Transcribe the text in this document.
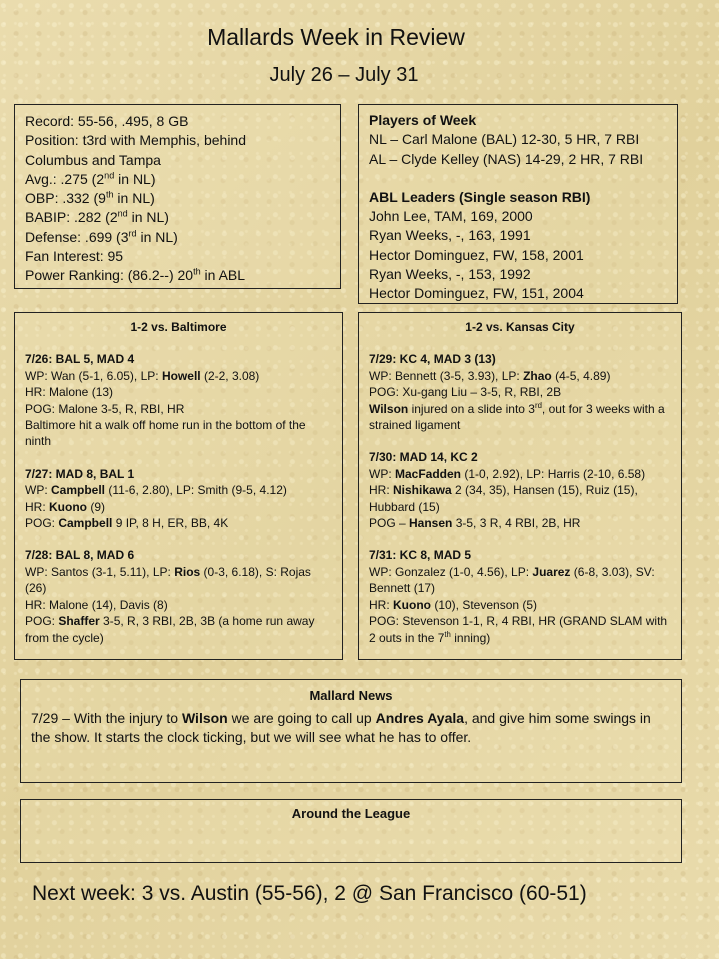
Mallards Week in Review
July 26 – July 31
Record: 55-56, .495, 8 GB
Position: t3rd with Memphis, behind
Columbus and Tampa
Avg.: .275 (2nd in NL)
OBP: .332 (9th in NL)
BABIP: .282 (2nd in NL)
Defense: .699 (3rd in NL)
Fan Interest: 95
Power Ranking: (86.2--) 20th in ABL
Players of Week
NL – Carl Malone (BAL) 12-30, 5 HR, 7 RBI
AL – Clyde Kelley (NAS) 14-29, 2 HR, 7 RBI
ABL Leaders (Single season RBI)
John Lee, TAM, 169, 2000
Ryan Weeks, -, 163, 1991
Hector Dominguez, FW, 158, 2001
Ryan Weeks, -, 153, 1992
Hector Dominguez, FW, 151, 2004
1-2 vs. Baltimore
7/26: BAL 5, MAD 4
WP: Wan (5-1, 6.05), LP: Howell (2-2, 3.08)
HR: Malone (13)
POG: Malone 3-5, R, RBI, HR
Baltimore hit a walk off home run in the bottom of the ninth
7/27: MAD 8, BAL 1
WP: Campbell (11-6, 2.80), LP: Smith (9-5, 4.12)
HR: Kuono (9)
POG: Campbell 9 IP, 8 H, ER, BB, 4K
7/28: BAL 8, MAD 6
WP: Santos (3-1, 5.11), LP: Rios (0-3, 6.18), S: Rojas (26)
HR: Malone (14), Davis (8)
POG: Shaffer 3-5, R, 3 RBI, 2B, 3B (a home run away from the cycle)
1-2 vs. Kansas City
7/29: KC 4, MAD 3 (13)
WP: Bennett (3-5, 3.93), LP: Zhao (4-5, 4.89)
POG: Xu-gang Liu – 3-5, R, RBI, 2B
Wilson injured on a slide into 3rd, out for 3 weeks with a strained ligament
7/30: MAD 14, KC 2
WP: MacFadden (1-0, 2.92), LP: Harris (2-10, 6.58)
HR: Nishikawa 2 (34, 35), Hansen (15), Ruiz (15), Hubbard (15)
POG – Hansen 3-5, 3 R, 4 RBI, 2B, HR
7/31: KC 8, MAD 5
WP: Gonzalez (1-0, 4.56), LP: Juarez (6-8, 3.03), SV: Bennett (17)
HR: Kuono (10), Stevenson (5)
POG: Stevenson 1-1, R, 4 RBI, HR (GRAND SLAM with 2 outs in the 7th inning)
Mallard News
7/29 – With the injury to Wilson we are going to call up Andres Ayala, and give him some swings in the show. It starts the clock ticking, but we will see what he has to offer.
Around the League
Next week: 3 vs. Austin (55-56), 2 @ San Francisco (60-51)
